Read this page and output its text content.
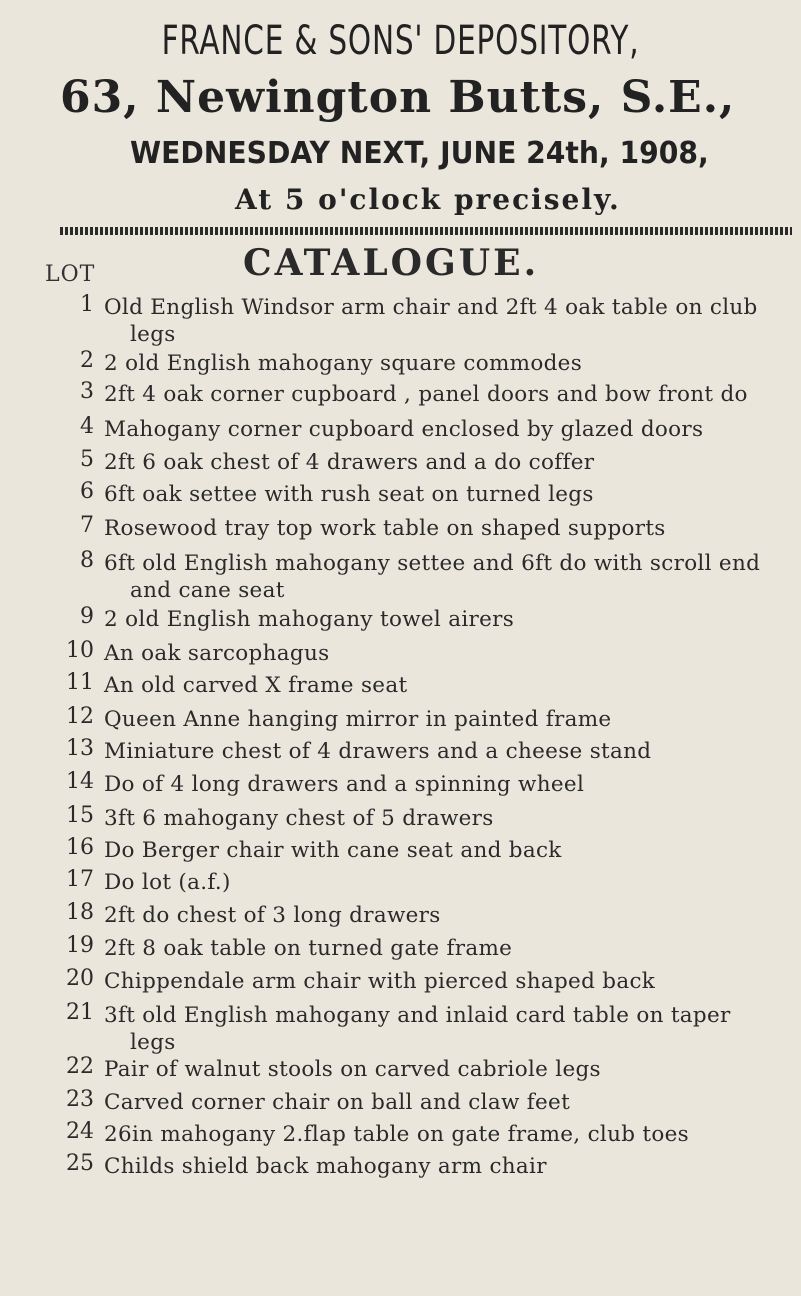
FRANCE & SONS' DEPOSITORY,
63, Newington Butts, S.E.,
WEDNESDAY NEXT, JUNE 24th, 1908,
At 5 o'clock precisely.
CATALOGUE.
LOT
1 Old English Windsor arm chair and 2ft 4 oak table on club
legs
2 2 old English mahogany square commodes
3 2ft 4 oak corner cupboard , panel doors and bow front do
4 Mahogany corner cupboard enclosed by glazed doors
5 2ft 6 oak chest of 4 drawers and a do coffer
6 6ft oak settee with rush seat on turned legs
7 Rosewood tray top work table on shaped supports
8 6ft old English mahogany settee and 6ft do with scroll end
and cane seat
9 2 old English mahogany towel airers
10 An oak sarcophagus
11 An old carved X frame seat
12 Queen Anne hanging mirror in painted frame
13 Miniature chest of 4 drawers and a cheese stand
14 Do of 4 long drawers and a spinning wheel
15 3ft 6 mahogany chest of 5 drawers
16 Do Berger chair with cane seat and back
17 Do lot (a.f.)
18 2ft do chest of 3 long drawers
19 2ft 8 oak table on turned gate frame
20 Chippendale arm chair with pierced shaped back
21 3ft old English mahogany and inlaid card table on taper
legs
22 Pair of walnut stools on carved cabriole legs
23 Carved corner chair on ball and claw feet
24 26in mahogany 2.flap table on gate frame, club toes
25 Childs shield back mahogany arm chair
